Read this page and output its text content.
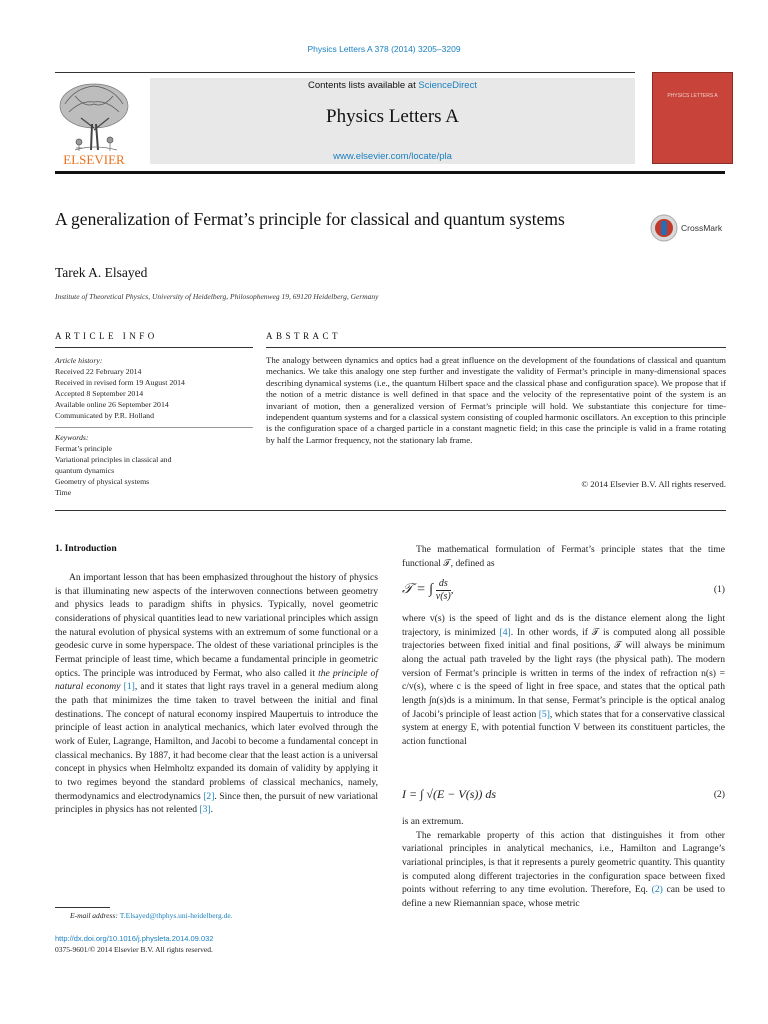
Physics Letters A 378 (2014) 3205–3209
ELSEVIER
Contents lists available at ScienceDirect
Physics Letters A
www.elsevier.com/locate/pla
PHYSICS LETTERS A
A generalization of Fermat’s principle for classical and quantum systems	CrossMark
Tarek A. Elsayed
Institute of Theoretical Physics, University of Heidelberg, Philosophenweg 19, 69120 Heidelberg, Germany
ARTICLE INFO	ABSTRACT
Article history:
Received 22 February 2014
Received in revised form 19 August 2014
Accepted 8 September 2014
Available online 26 September 2014
Communicated by P.R. Holland
Keywords:
Fermat’s principle
Variational principles in classical and
quantum dynamics
Geometry of physical systems
Time
The analogy between dynamics and optics had a great influence on the development of the foundations of classical and quantum mechanics. We take this analogy one step further and investigate the validity of Fermat’s principle in many-dimensional spaces describing dynamical systems (i.e., the quantum Hilbert space and the classical phase and configuration space). We propose that if the notion of a metric distance is well defined in that space and the velocity of the representative point of the system is an invariant of motion, then a generalized version of Fermat’s principle will hold. We substantiate this conjecture for time-independent quantum systems and for a classical system consisting of coupled harmonic oscillators. An exception to this principle is the configuration space of a charged particle in a constant magnetic field; in this case the principle is valid in a frame rotating by half the Larmor frequency, not the stationary lab frame.
© 2014 Elsevier B.V. All rights reserved.
1. Introduction

An important lesson that has been emphasized throughout the history of physics is that illuminating new aspects of the interwoven connections between geometry and physics leads to paradigm shifts in physics. Typically, novel geometric considerations of physical quantities lead to new variational principles which assign the natural evolution of physical systems with an extremum of some functional or a geodesic curve in some hyperspace. The oldest of these variational principles is the Fermat principle of least time, which became a fundamental principle in geometric optics. The principle was introduced by Fermat, who also called it the principle of natural economy [1], and it states that light rays travel in a general medium along the path that minimizes the time taken to travel between the initial and final destinations. The concept of natural economy inspired Maupertuis to introduce the principle of least action in analytical mechanics, which later evolved through the work of Euler, Lagrange, Hamilton, and Jacobi to become a fundamental concept in classical mechanics. By 1887, it had become clear that the least action is a universal concept in physics when Helmholtz expanded its domain of validity by applying it to two regimes beyond the standard problems of classical mechanics, namely, thermodynamics and electrodynamics [2]. Since then, the pursuit of new variational principles in physics has not relented [3].

The mathematical formulation of Fermat’s principle states that the time functional 𝒯, defined as

𝒯 = ∫ $\frac{ds}{v(s)}$ ,	(1)

where v(s) is the speed of light and ds is the distance element along the light trajectory, is minimized [4]. In other words, if 𝒯 is computed along all possible trajectories between fixed initial and final positions, 𝒯 will always be minimum along the actual path traveled by the light rays (the physical path). The modern version of Fermat’s principle is written in terms of the index of refraction n(s) = c/v(s), where c is the speed of light in free space, and states that the optical path length ∫n(s)ds is a minimum. In that sense, Fermat’s principle is the optical analog of Jacobi’s principle of least action [5], which states that for a conservative classical system at energy E, with potential function V between its constituent particles, the action functional

I = ∫ √(E − V(s)) ds	(2)

is an extremum.

The remarkable property of this action that distinguishes it from other variational principles in analytical mechanics, i.e., Hamilton and Lagrange’s variational principles, is that it represents a purely geometric quantity. This quantity is computed along different trajectories in the configuration space between fixed points without referring to any time evolution. Therefore, Eq. (2) can be used to define a new Riemannian space, whose metric

E-mail address: T.Elsayed@thphys.uni-heidelberg.de.
http://dx.doi.org/10.1016/j.physleta.2014.09.032
0375-9601/© 2014 Elsevier B.V. All rights reserved.
